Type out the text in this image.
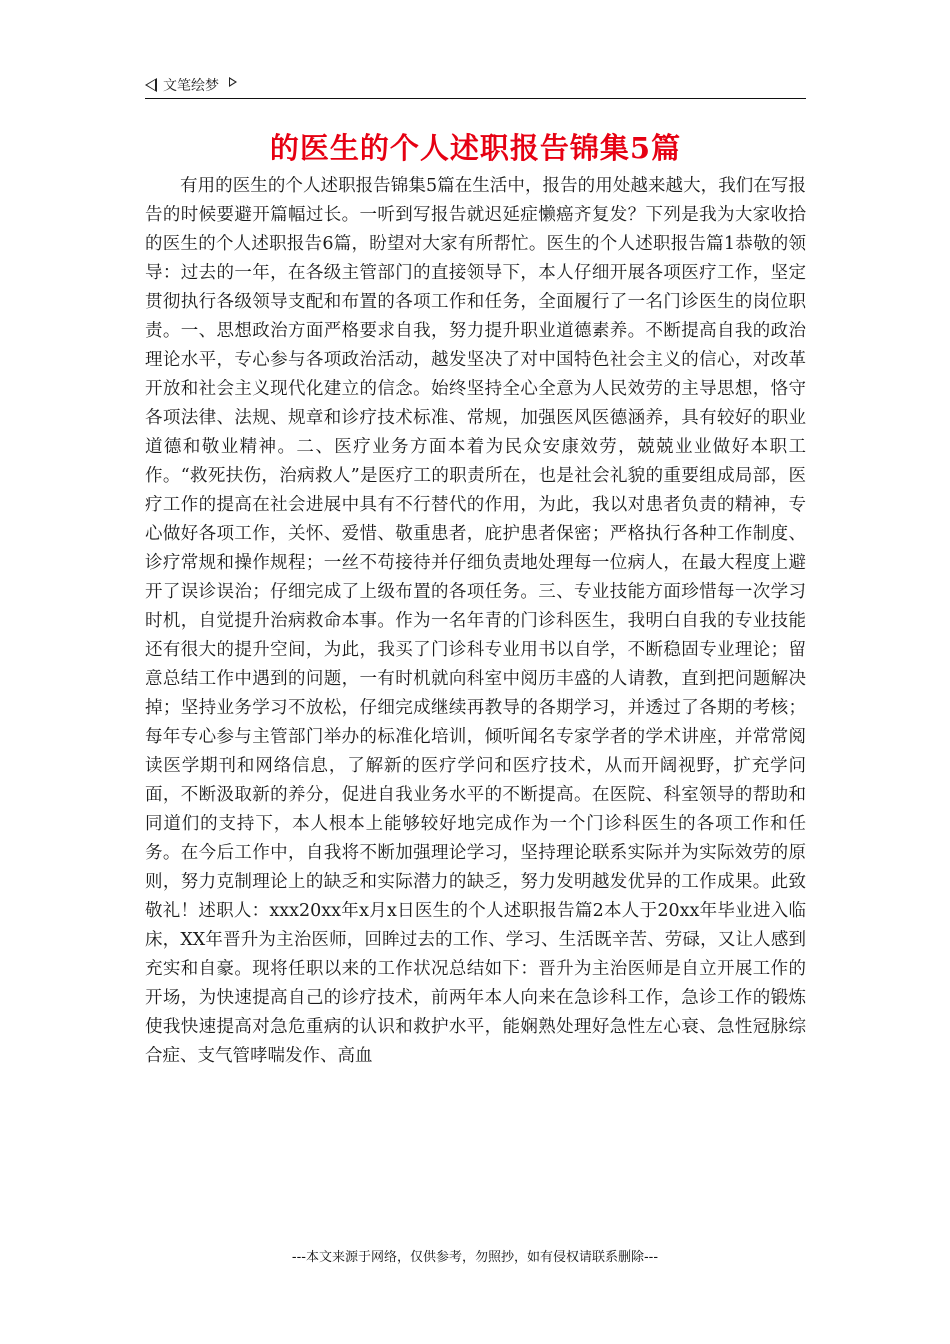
文笔绘梦
的医生的个人述职报告锦集5篇

有用的医生的个人述职报告锦集5篇在生活中，报告的用处越来越大，我们在写报告的时候要避开篇幅过长。一听到写报告就迟延症懒癌齐复发？下列是我为大家收拾的医生的个人述职报告6篇，盼望对大家有所帮忙。医生的个人述职报告篇1恭敬的领导：过去的一年，在各级主管部门的直接领导下，本人仔细开展各项医疗工作，坚定贯彻执行各级领导支配和布置的各项工作和任务，全面履行了一名门诊医生的岗位职责。一、思想政治方面严格要求自我，努力提升职业道德素养。不断提高自我的政治理论水平，专心参与各项政治活动，越发坚决了对中国特色社会主义的信心，对改革开放和社会主义现代化建立的信念。始终坚持全心全意为人民效劳的主导思想，恪守各项法律、法规、规章和诊疗技术标准、常规，加强医风医德涵养，具有较好的职业道德和敬业精神。二、医疗业务方面本着为民众安康效劳，兢兢业业做好本职工作。“救死扶伤，治病救人”是医疗工的职责所在，也是社会礼貌的重要组成局部，医疗工作的提高在社会进展中具有不行替代的作用，为此，我以对患者负责的精神，专心做好各项工作，关怀、爱惜、敬重患者，庇护患者保密；严格执行各种工作制度、诊疗常规和操作规程；一丝不苟接待并仔细负责地处理每一位病人，在最大程度上避开了误诊误治；仔细完成了上级布置的各项任务。三、专业技能方面珍惜每一次学习时机，自觉提升治病救命本事。作为一名年青的门诊科医生，我明白自我的专业技能还有很大的提升空间，为此，我买了门诊科专业用书以自学，不断稳固专业理论；留意总结工作中遇到的问题，一有时机就向科室中阅历丰盛的人请教，直到把问题解决掉；坚持业务学习不放松，仔细完成继续再教导的各期学习，并透过了各期的考核；每年专心参与主管部门举办的标准化培训，倾听闻名专家学者的学术讲座，并常常阅读医学期刊和网络信息，了解新的医疗学问和医疗技术，从而开阔视野，扩充学问面，不断汲取新的养分，促进自我业务水平的不断提高。在医院、科室领导的帮助和同道们的支持下，本人根本上能够较好地完成作为一个门诊科医生的各项工作和任务。在今后工作中，自我将不断加强理论学习，坚持理论联系实际并为实际效劳的原则，努力克制理论上的缺乏和实际潜力的缺乏，努力发明越发优异的工作成果。此致敬礼！述职人：xxx20xx年x月x日医生的个人述职报告篇2本人于20xx年毕业进入临床，XX年晋升为主治医师，回眸过去的工作、学习、生活既辛苦、劳碌，又让人感到充实和自豪。现将任职以来的工作状况总结如下：晋升为主治医师是自立开展工作的开场，为快速提高自己的诊疗技术，前两年本人向来在急诊科工作，急诊工作的锻炼使我快速提高对急危重病的认识和救护水平，能娴熟处理好急性左心衰、急性冠脉综合症、支气管哮喘发作、高血

---本文来源于网络，仅供参考，勿照抄，如有侵权请联系删除---
